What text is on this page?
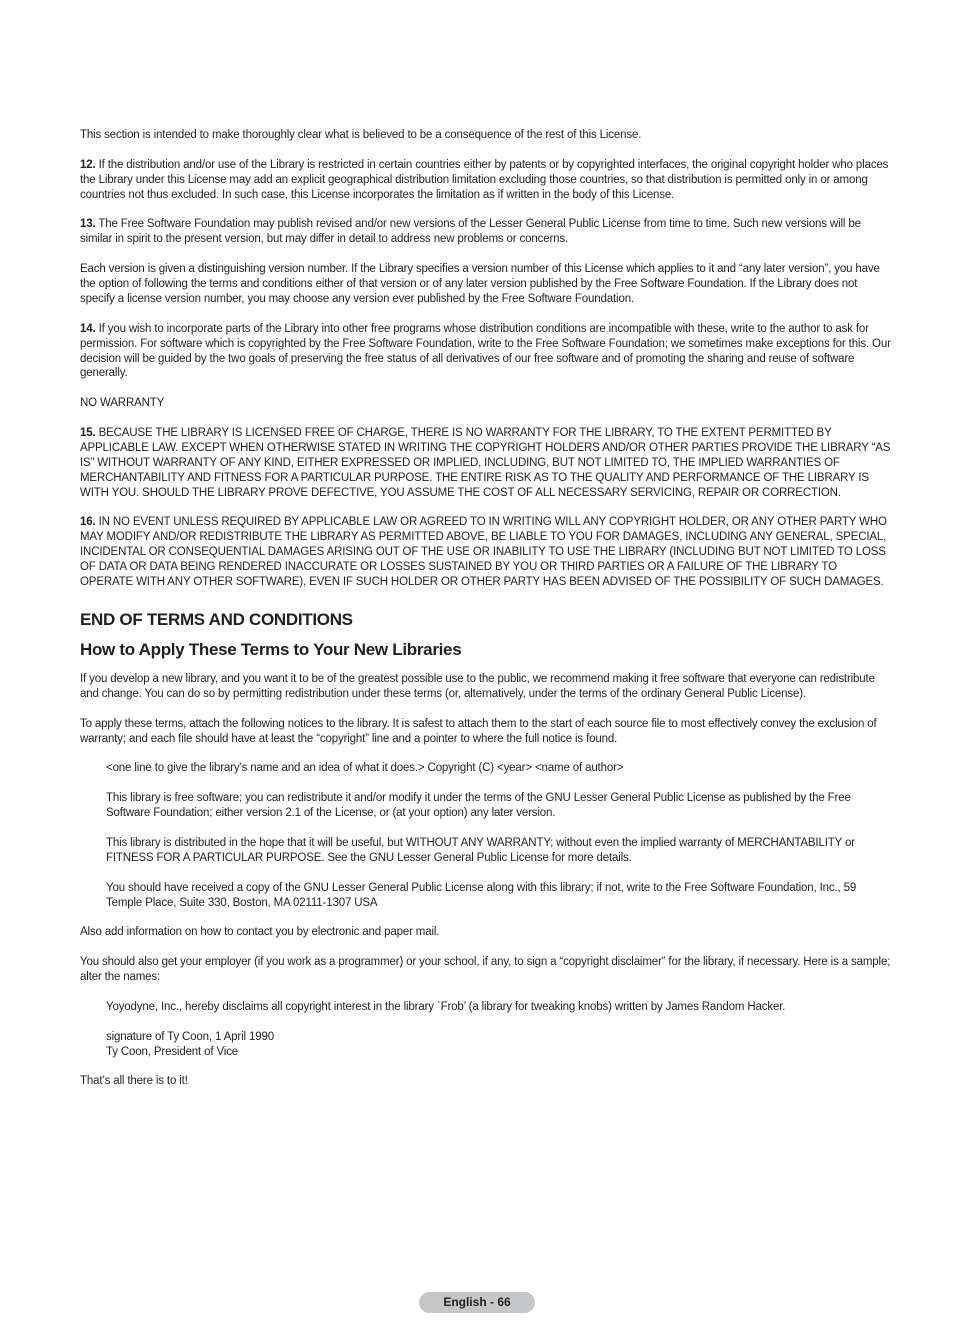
This section is intended to make thoroughly clear what is believed to be a consequence of the rest of this License.

12. If the distribution and/or use of the Library is restricted in certain countries either by patents or by copyrighted interfaces, the original copyright holder who places the Library under this License may add an explicit geographical distribution limitation excluding those countries, so that distribution is permitted only in or among countries not thus excluded. In such case, this License incorporates the limitation as if written in the body of this License.

13. The Free Software Foundation may publish revised and/or new versions of the Lesser General Public License from time to time. Such new versions will be similar in spirit to the present version, but may differ in detail to address new problems or concerns.

Each version is given a distinguishing version number. If the Library specifies a version number of this License which applies to it and “any later version”, you have the option of following the terms and conditions either of that version or of any later version published by the Free Software Foundation. If the Library does not specify a license version number, you may choose any version ever published by the Free Software Foundation.

14. If you wish to incorporate parts of the Library into other free programs whose distribution conditions are incompatible with these, write to the author to ask for permission. For software which is copyrighted by the Free Software Foundation, write to the Free Software Foundation; we sometimes make exceptions for this. Our decision will be guided by the two goals of preserving the free status of all derivatives of our free software and of promoting the sharing and reuse of software generally.

NO WARRANTY

15. BECAUSE THE LIBRARY IS LICENSED FREE OF CHARGE, THERE IS NO WARRANTY FOR THE LIBRARY, TO THE EXTENT PERMITTED BY APPLICABLE LAW. EXCEPT WHEN OTHERWISE STATED IN WRITING THE COPYRIGHT HOLDERS AND/OR OTHER PARTIES PROVIDE THE LIBRARY “AS IS” WITHOUT WARRANTY OF ANY KIND, EITHER EXPRESSED OR IMPLIED, INCLUDING, BUT NOT LIMITED TO, THE IMPLIED WARRANTIES OF MERCHANTABILITY AND FITNESS FOR A PARTICULAR PURPOSE. THE ENTIRE RISK AS TO THE QUALITY AND PERFORMANCE OF THE LIBRARY IS WITH YOU. SHOULD THE LIBRARY PROVE DEFECTIVE, YOU ASSUME THE COST OF ALL NECESSARY SERVICING, REPAIR OR CORRECTION.

16. IN NO EVENT UNLESS REQUIRED BY APPLICABLE LAW OR AGREED TO IN WRITING WILL ANY COPYRIGHT HOLDER, OR ANY OTHER PARTY WHO MAY MODIFY AND/OR REDISTRIBUTE THE LIBRARY AS PERMITTED ABOVE, BE LIABLE TO YOU FOR DAMAGES, INCLUDING ANY GENERAL, SPECIAL, INCIDENTAL OR CONSEQUENTIAL DAMAGES ARISING OUT OF THE USE OR INABILITY TO USE THE LIBRARY (INCLUDING BUT NOT LIMITED TO LOSS OF DATA OR DATA BEING RENDERED INACCURATE OR LOSSES SUSTAINED BY YOU OR THIRD PARTIES OR A FAILURE OF THE LIBRARY TO OPERATE WITH ANY OTHER SOFTWARE), EVEN IF SUCH HOLDER OR OTHER PARTY HAS BEEN ADVISED OF THE POSSIBILITY OF SUCH DAMAGES.

END OF TERMS AND CONDITIONS
How to Apply These Terms to Your New Libraries

If you develop a new library, and you want it to be of the greatest possible use to the public, we recommend making it free software that everyone can redistribute and change. You can do so by permitting redistribution under these terms (or, alternatively, under the terms of the ordinary General Public License).

To apply these terms, attach the following notices to the library. It is safest to attach them to the start of each source file to most effectively convey the exclusion of warranty; and each file should have at least the “copyright” line and a pointer to where the full notice is found.

<one line to give the library’s name and an idea of what it does.> Copyright (C) <year> <name of author>

This library is free software; you can redistribute it and/or modify it under the terms of the GNU Lesser General Public License as published by the Free Software Foundation; either version 2.1 of the License, or (at your option) any later version.

This library is distributed in the hope that it will be useful, but WITHOUT ANY WARRANTY; without even the implied warranty of MERCHANTABILITY or FITNESS FOR A PARTICULAR PURPOSE. See the GNU Lesser General Public License for more details.

You should have received a copy of the GNU Lesser General Public License along with this library; if not, write to the Free Software Foundation, Inc., 59 Temple Place, Suite 330, Boston, MA 02111-1307 USA

Also add information on how to contact you by electronic and paper mail.

You should also get your employer (if you work as a programmer) or your school, if any, to sign a “copyright disclaimer” for the library, if necessary. Here is a sample; alter the names:

Yoyodyne, Inc., hereby disclaims all copyright interest in the library `Frob’ (a library for tweaking knobs) written by James Random Hacker.

signature of Ty Coon, 1 April 1990
Ty Coon, President of Vice

That’s all there is to it!

English - 66
